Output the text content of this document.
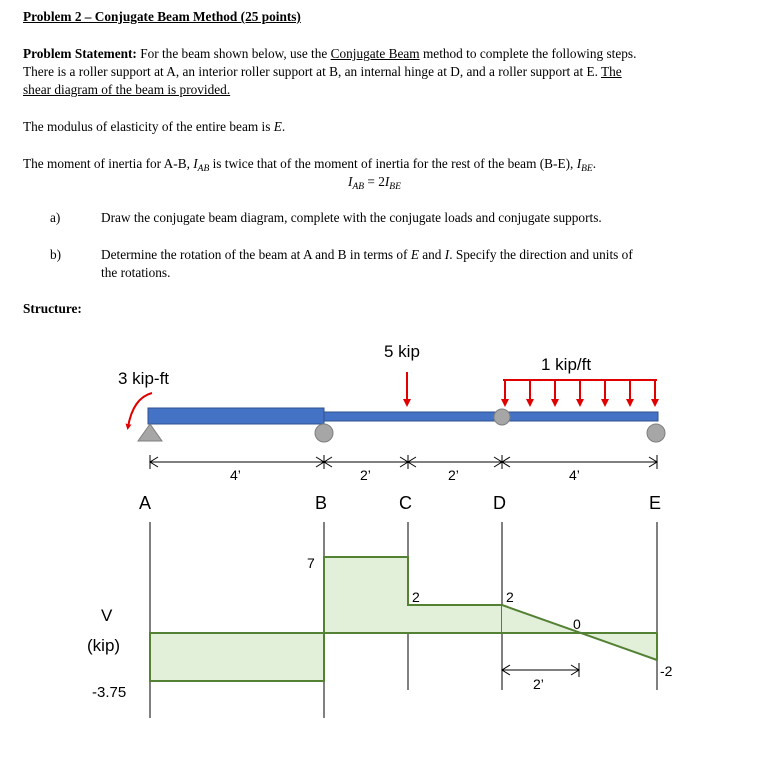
Problem 2 – Conjugate Beam Method (25 points)
Problem Statement: For the beam shown below, use the Conjugate Beam method to complete the following steps.
There is a roller support at A, an interior roller support at B, an internal hinge at D, and a roller support at E. The
shear diagram of the beam is provided.
The modulus of elasticity of the entire beam is E.
The moment of inertia for A-B, $I_{AB}$ is twice that of the moment of inertia for the rest of the beam (B-E), $I_{BE}$.
$I_{AB} = 2I_{BE}$
a)	Draw the conjugate beam diagram, complete with the conjugate loads and conjugate supports.
b)	Determine the rotation of the beam at A and B in terms of E and I. Specify the direction and units of
the rotations.
Structure:
3 kip-ft
5 kip
1 kip/ft
4’	2’	2’	4’
A	B	C	D	E
7
2	2
0
-3.75
-2
V
(kip)
2’
